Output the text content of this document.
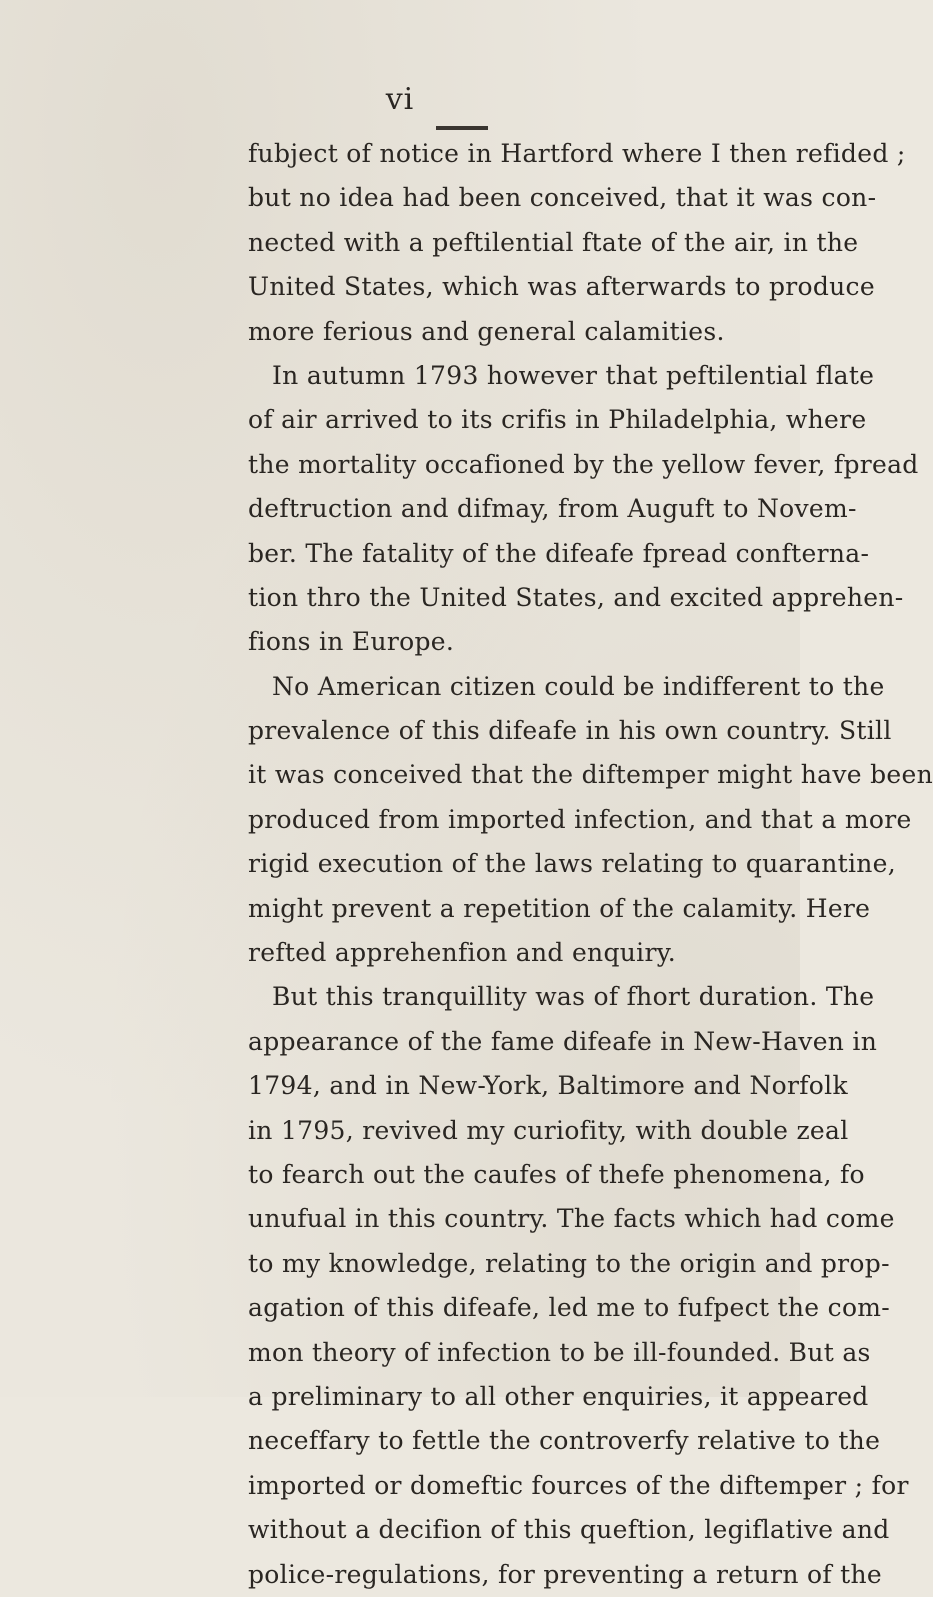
vi
fubject of notice in Hartford where I then refided ;
but no idea had been conceived, that it was con-
nected with a peftilential ftate of the air, in the
United States, which was afterwards to produce
more ferious and general calamities.
In autumn 1793 however that peftilential flate
of air arrived to its crifis in Philadelphia, where
the mortality occafioned by the yellow fever, fpread
deftruction and difmay, from Auguft to Novem-
ber. The fatality of the difeafe fpread confterna-
tion thro the United States, and excited apprehen-
fions in Europe.
No American citizen could be indifferent to the
prevalence of this difeafe in his own country. Still
it was conceived that the diftemper might have been
produced from imported infection, and that a more
rigid execution of the laws relating to quarantine,
might prevent a repetition of the calamity. Here
refted apprehenfion and enquiry.
But this tranquillity was of fhort duration. The
appearance of the fame difeafe in New-Haven in
1794, and in New-York, Baltimore and Norfolk
in 1795, revived my curiofity, with double zeal
to fearch out the caufes of thefe phenomena, fo
unufual in this country. The facts which had come
to my knowledge, relating to the origin and prop-
agation of this difeafe, led me to fufpect the com-
mon theory of infection to be ill-founded. But as
a preliminary to all other enquiries, it appeared
neceffary to fettle the controverfy relative to the
imported or domeftic fources of the diftemper ; for
without a decifion of this queftion, legiflative and
police-regulations, for preventing a return of the
